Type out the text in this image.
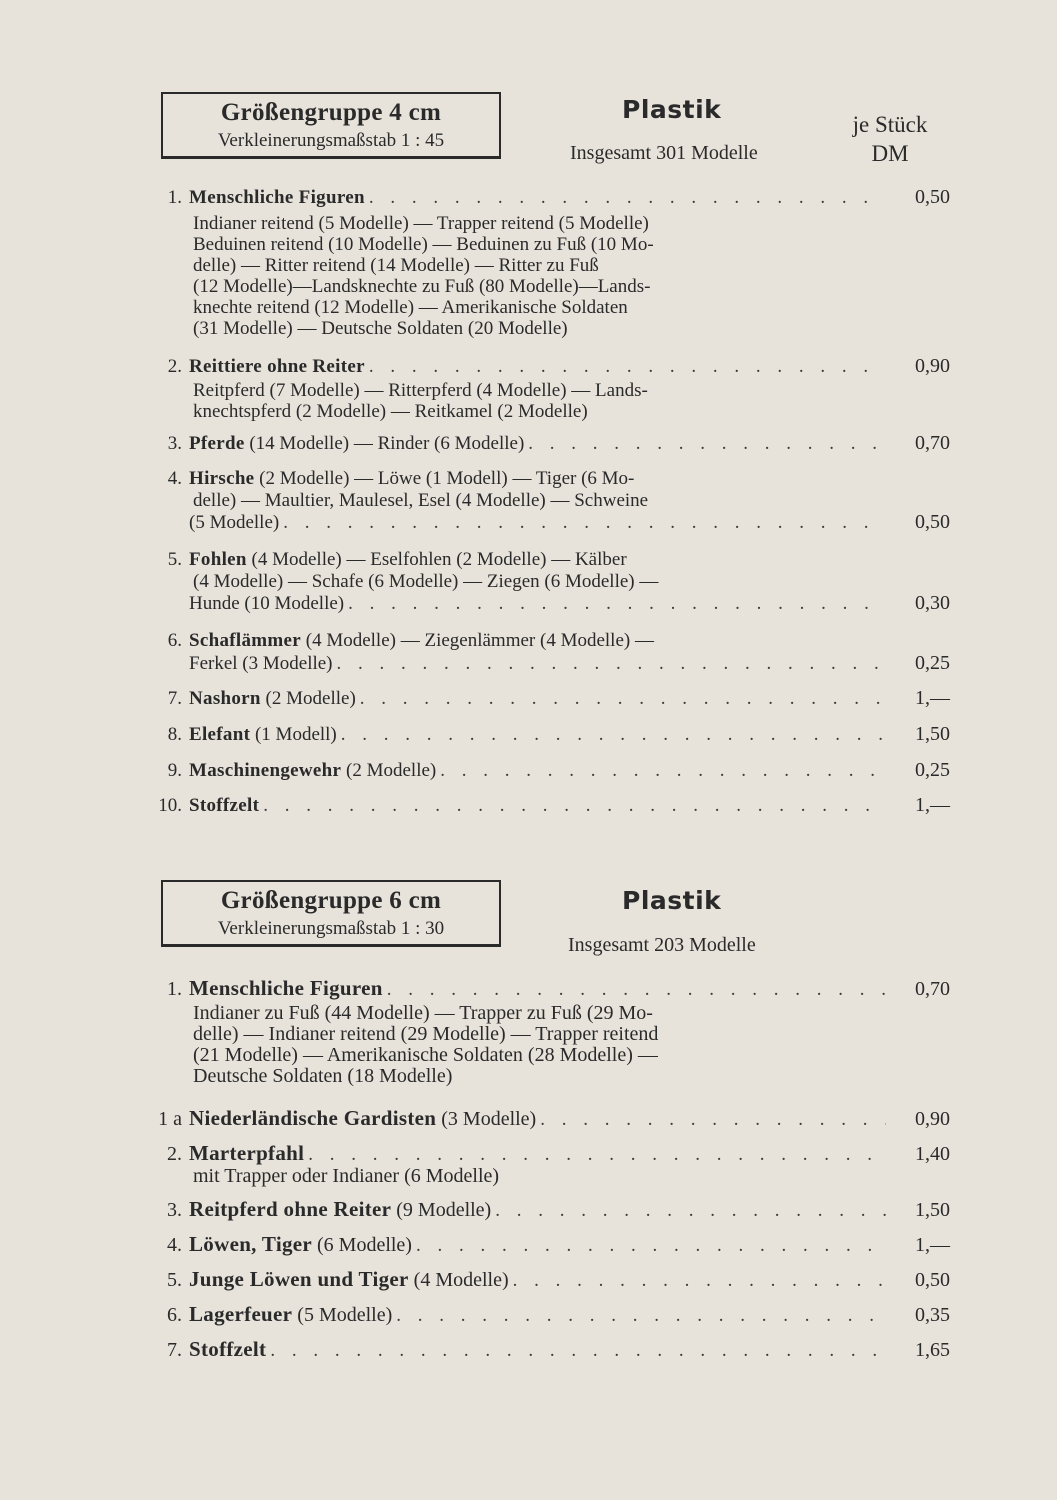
Größengruppe 4 cm
Verkleinerungsmaßstab 1 : 45
Plastik
Insgesamt 301 Modelle
je Stück
DM
1. Menschliche Figuren . . .	0,50

Indianer reitend (5 Modelle) — Trapper reitend (5 Modelle)

Beduinen reitend (10 Modelle) — Beduinen zu Fuß (10 Mo-

delle) — Ritter reitend (14 Modelle) — Ritter zu Fuß

(12 Modelle)—Landsknechte zu Fuß (80 Modelle)—Lands-

knechte reitend (12 Modelle) — Amerikanische Soldaten

(31 Modelle) — Deutsche Soldaten (20 Modelle)

2. Reittiere ohne Reiter . . .	0,90

Reitpferd (7 Modelle) — Ritterpferd (4 Modelle) — Lands-

knechtspferd (2 Modelle) — Reitkamel (2 Modelle)

3. Pferde (14 Modelle) — Rinder (6 Modelle) . . .	0,70
4. Hirsche (2 Modelle) — Löwe (1 Modell) — Tiger (6 Mo-

delle) — Maultier, Maulesel, Esel (4 Modelle) — Schweine

(5 Modelle) . . .	0,50
5. Fohlen (4 Modelle) — Eselfohlen (2 Modelle) — Kälber

(4 Modelle) — Schafe (6 Modelle) — Ziegen (6 Modelle) —

Hunde (10 Modelle) . . .	0,30
6. Schaflämmer (4 Modelle) — Ziegenlämmer (4 Modelle) —
Ferkel (3 Modelle) . . .	0,25
7. Nashorn (2 Modelle) . . .	1,—
8. Elefant (1 Modell) . . .	1,50
9. Maschinengewehr (2 Modelle) . . .	0,25
10. Stoffzelt . . .	1,—
Größengruppe 6 cm
Verkleinerungsmaßstab 1 : 30
Plastik
Insgesamt 203 Modelle
1. Menschliche Figuren . . .	0,70

Indianer zu Fuß (44 Modelle) — Trapper zu Fuß (29 Mo-

delle) — Indianer reitend (29 Modelle) — Trapper reitend

(21 Modelle) — Amerikanische Soldaten (28 Modelle) —

Deutsche Soldaten (18 Modelle)

1 a Niederländische Gardisten (3 Modelle) . . .	0,90
2. Marterpfahl . . .	1,40

mit Trapper oder Indianer (6 Modelle)

3. Reitpferd ohne Reiter (9 Modelle) . . .	1,50
4. Löwen, Tiger (6 Modelle) . . .	1,—
5. Junge Löwen und Tiger (4 Modelle) . . .	0,50
6. Lagerfeuer (5 Modelle) . . .	0,35
7. Stoffzelt . . .	1,65
